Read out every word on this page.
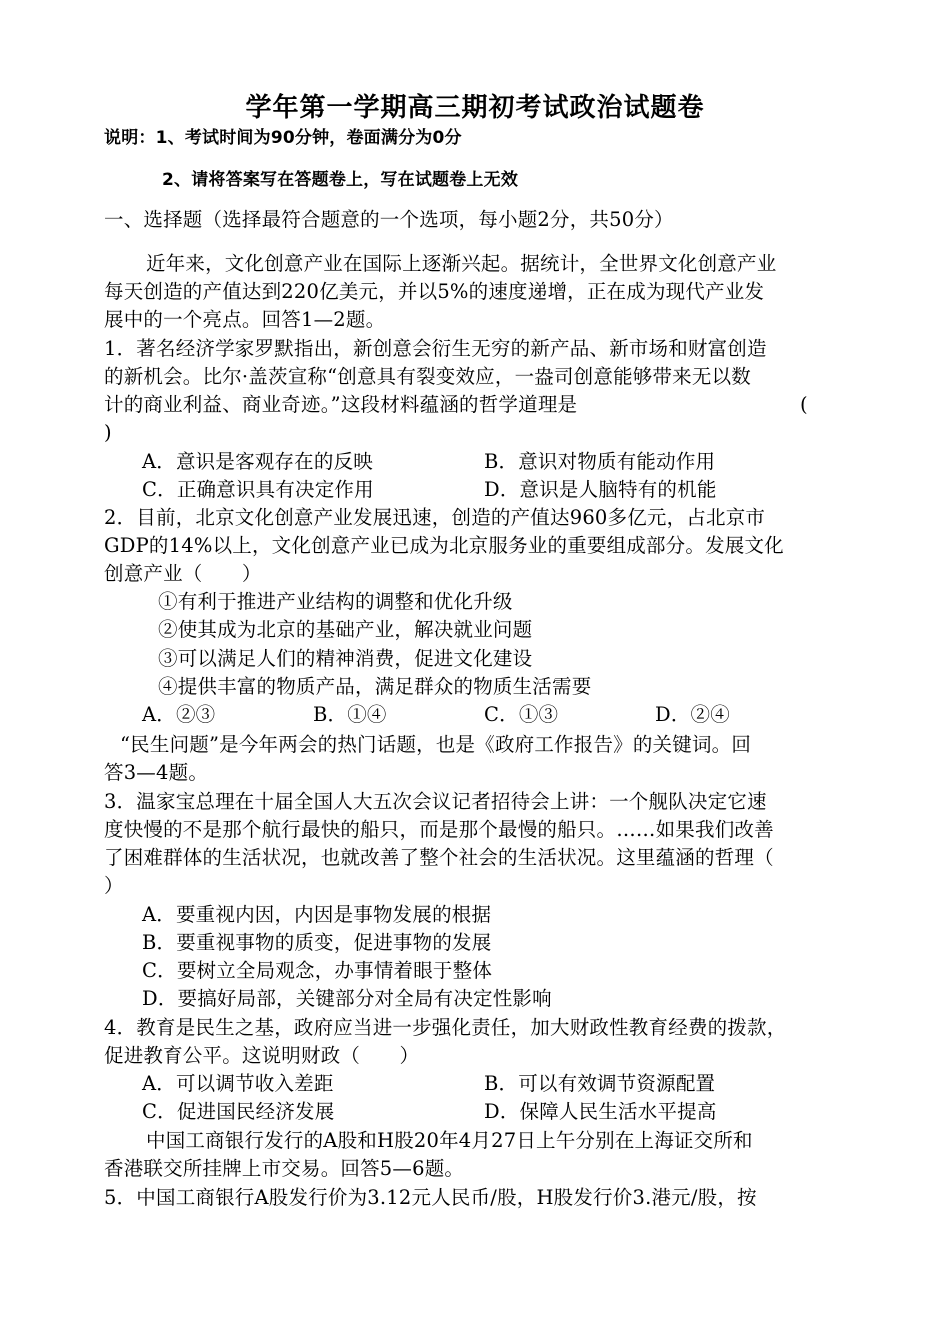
学年第一学期高三期初考试政治试题卷
说明：1、考试时间为90分钟，卷面满分为0分
2、请将答案写在答题卷上，写在试题卷上无效
一、选择题（选择最符合题意的一个选项，每小题2分，共50分）
近年来，文化创意产业在国际上逐渐兴起。据统计，全世界文化创意产业
每天创造的产值达到220亿美元，并以5%的速度递增，正在成为现代产业发
展中的一个亮点。回答1—2题。
1．著名经济学家罗默指出，新创意会衍生无穷的新产品、新市场和财富创造
的新机会。比尔·盖茨宣称“创意具有裂变效应，一盎司创意能够带来无以数
计的商业利益、商业奇迹。”这段材料蕴涵的哲学道理是	(
)
A．意识是客观存在的反映	B．意识对物质有能动作用
C．正确意识具有决定作用	D．意识是人脑特有的机能
2．目前，北京文化创意产业发展迅速，创造的产值达960多亿元，占北京市
GDP的14%以上，文化创意产业已成为北京服务业的重要组成部分。发展文化
创意产业（　　）
①有利于推进产业结构的调整和优化升级
②使其成为北京的基础产业，解决就业问题
③可以满足人们的精神消费，促进文化建设
④提供丰富的物质产品，满足群众的物质生活需要
A．②③	B．①④	C．①③	D．②④
“民生问题”是今年两会的热门话题，也是《政府工作报告》的关键词。回
答3—4题。
3．温家宝总理在十届全国人大五次会议记者招待会上讲：一个舰队决定它速
度快慢的不是那个航行最快的船只，而是那个最慢的船只。……如果我们改善
了困难群体的生活状况，也就改善了整个社会的生活状况。这里蕴涵的哲理（
）
A．要重视内因，内因是事物发展的根据
B．要重视事物的质变，促进事物的发展
C．要树立全局观念，办事情着眼于整体
D．要搞好局部，关键部分对全局有决定性影响
4．教育是民生之基，政府应当进一步强化责任，加大财政性教育经费的拨款，
促进教育公平。这说明财政（　　）
A．可以调节收入差距	B．可以有效调节资源配置
C．促进国民经济发展	D．保障人民生活水平提高
中国工商银行发行的A股和H股20年4月27日上午分别在上海证交所和
香港联交所挂牌上市交易。回答5—6题。
5．中国工商银行A股发行价为3.12元人民币/股，H股发行价3.港元/股，按
